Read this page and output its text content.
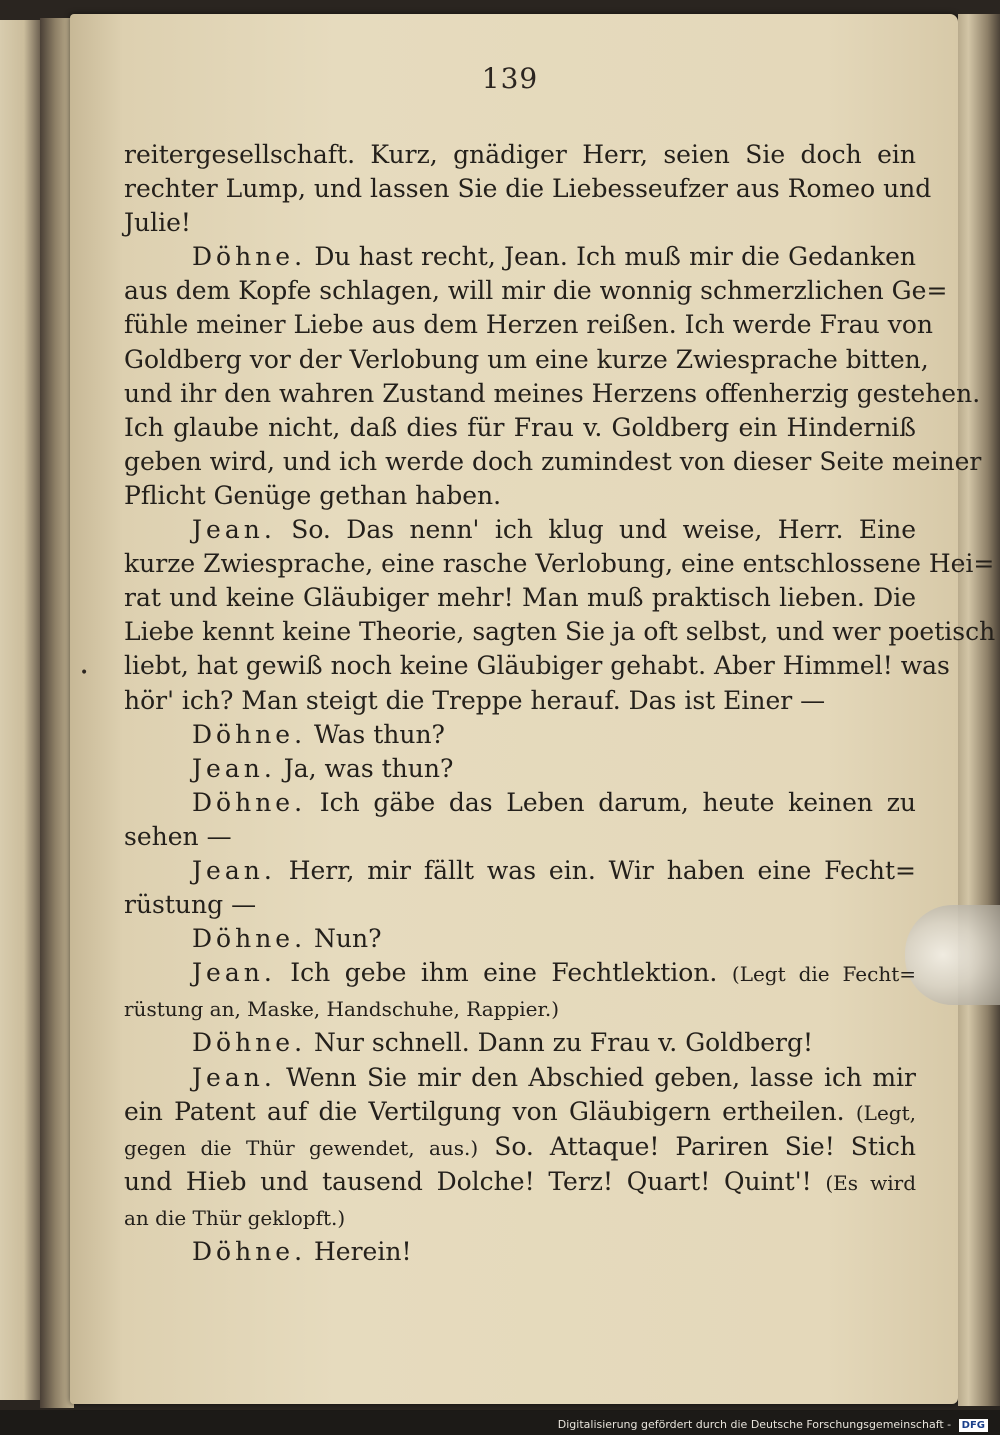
•
139
reitergesellschaft. Kurz, gnädiger Herr, seien Sie doch ein
rechter Lump, und lassen Sie die Liebesseufzer aus Romeo und
Julie!
Döhne. Du hast recht, Jean. Ich muß mir die Gedanken
aus dem Kopfe schlagen, will mir die wonnig schmerzlichen Ge=
fühle meiner Liebe aus dem Herzen reißen. Ich werde Frau von
Goldberg vor der Verlobung um eine kurze Zwiesprache bitten,
und ihr den wahren Zustand meines Herzens offenherzig gestehen.
Ich glaube nicht, daß dies für Frau v. Goldberg ein Hinderniß
geben wird, und ich werde doch zumindest von dieser Seite meiner
Pflicht Genüge gethan haben.
Jean. So. Das nenn' ich klug und weise, Herr. Eine
kurze Zwiesprache, eine rasche Verlobung, eine entschlossene Hei=
rat und keine Gläubiger mehr! Man muß praktisch lieben. Die
Liebe kennt keine Theorie, sagten Sie ja oft selbst, und wer poetisch
liebt, hat gewiß noch keine Gläubiger gehabt. Aber Himmel! was
hör' ich? Man steigt die Treppe herauf. Das ist Einer —
Döhne. Was thun?
Jean. Ja, was thun?
Döhne. Ich gäbe das Leben darum, heute keinen zu
sehen —
Jean. Herr, mir fällt was ein. Wir haben eine Fecht=
rüstung —
Döhne. Nun?
Jean. Ich gebe ihm eine Fechtlektion. (Legt die Fecht=
rüstung an, Maske, Handschuhe, Rappier.)
Döhne. Nur schnell. Dann zu Frau v. Goldberg!
Jean. Wenn Sie mir den Abschied geben, lasse ich mir
ein Patent auf die Vertilgung von Gläubigern ertheilen. (Legt,
gegen die Thür gewendet, aus.) So. Attaque! Pariren Sie! Stich
und Hieb und tausend Dolche! Terz! Quart! Quint'! (Es wird
an die Thür geklopft.)
Döhne. Herein!
Digitalisierung gefördert durch die Deutsche Forschungsgemeinschaft - DFG
